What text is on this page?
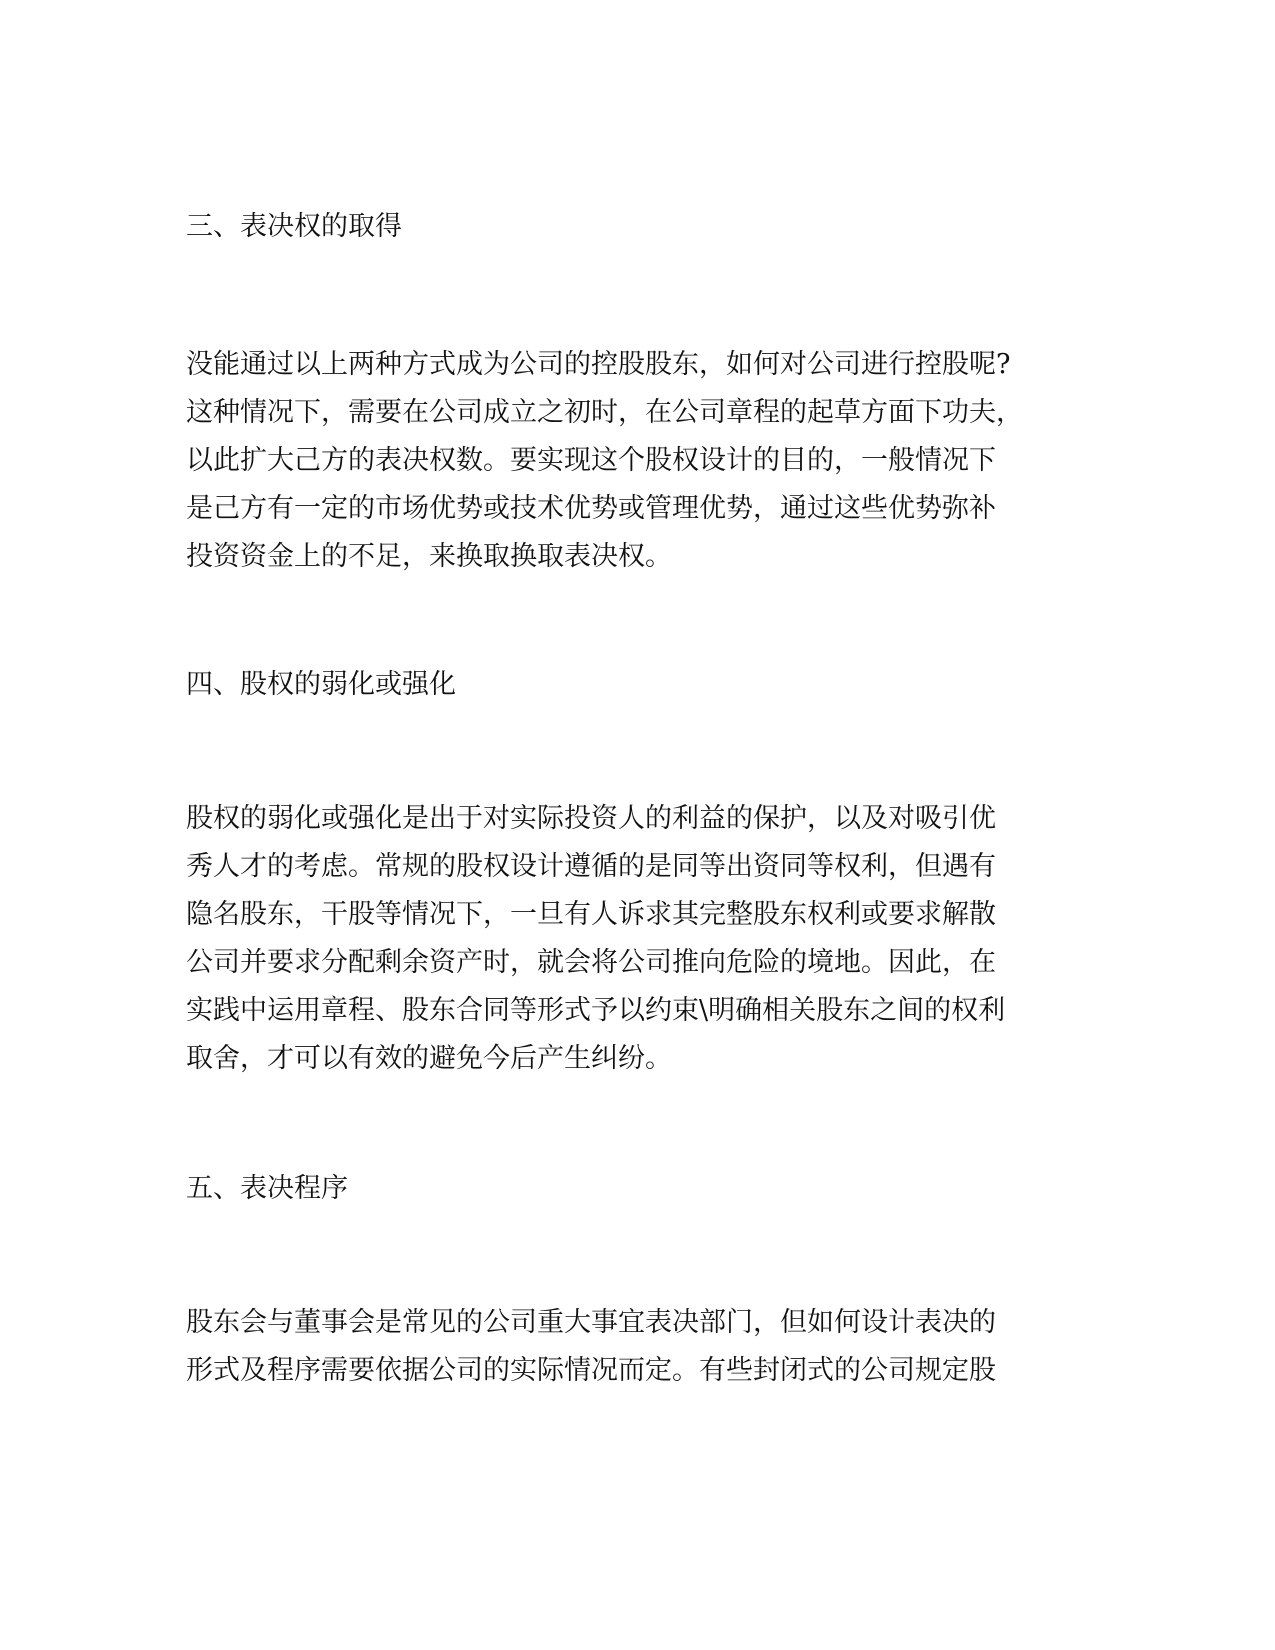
三、表决权的取得
没能通过以上两种方式成为公司的控股股东，如何对公司进行控股呢?
这种情况下，需要在公司成立之初时，在公司章程的起草方面下功夫，
以此扩大己方的表决权数。要实现这个股权设计的目的，一般情况下
是己方有一定的市场优势或技术优势或管理优势，通过这些优势弥补
投资资金上的不足，来换取换取表决权。
四、股权的弱化或强化
股权的弱化或强化是出于对实际投资人的利益的保护，以及对吸引优
秀人才的考虑。常规的股权设计遵循的是同等出资同等权利，但遇有
隐名股东，干股等情况下，一旦有人诉求其完整股东权利或要求解散
公司并要求分配剩余资产时，就会将公司推向危险的境地。因此，在
实践中运用章程、股东合同等形式予以约束\明确相关股东之间的权利
取舍，才可以有效的避免今后产生纠纷。
五、表决程序
股东会与董事会是常见的公司重大事宜表决部门，但如何设计表决的
形式及程序需要依据公司的实际情况而定。有些封闭式的公司规定股
